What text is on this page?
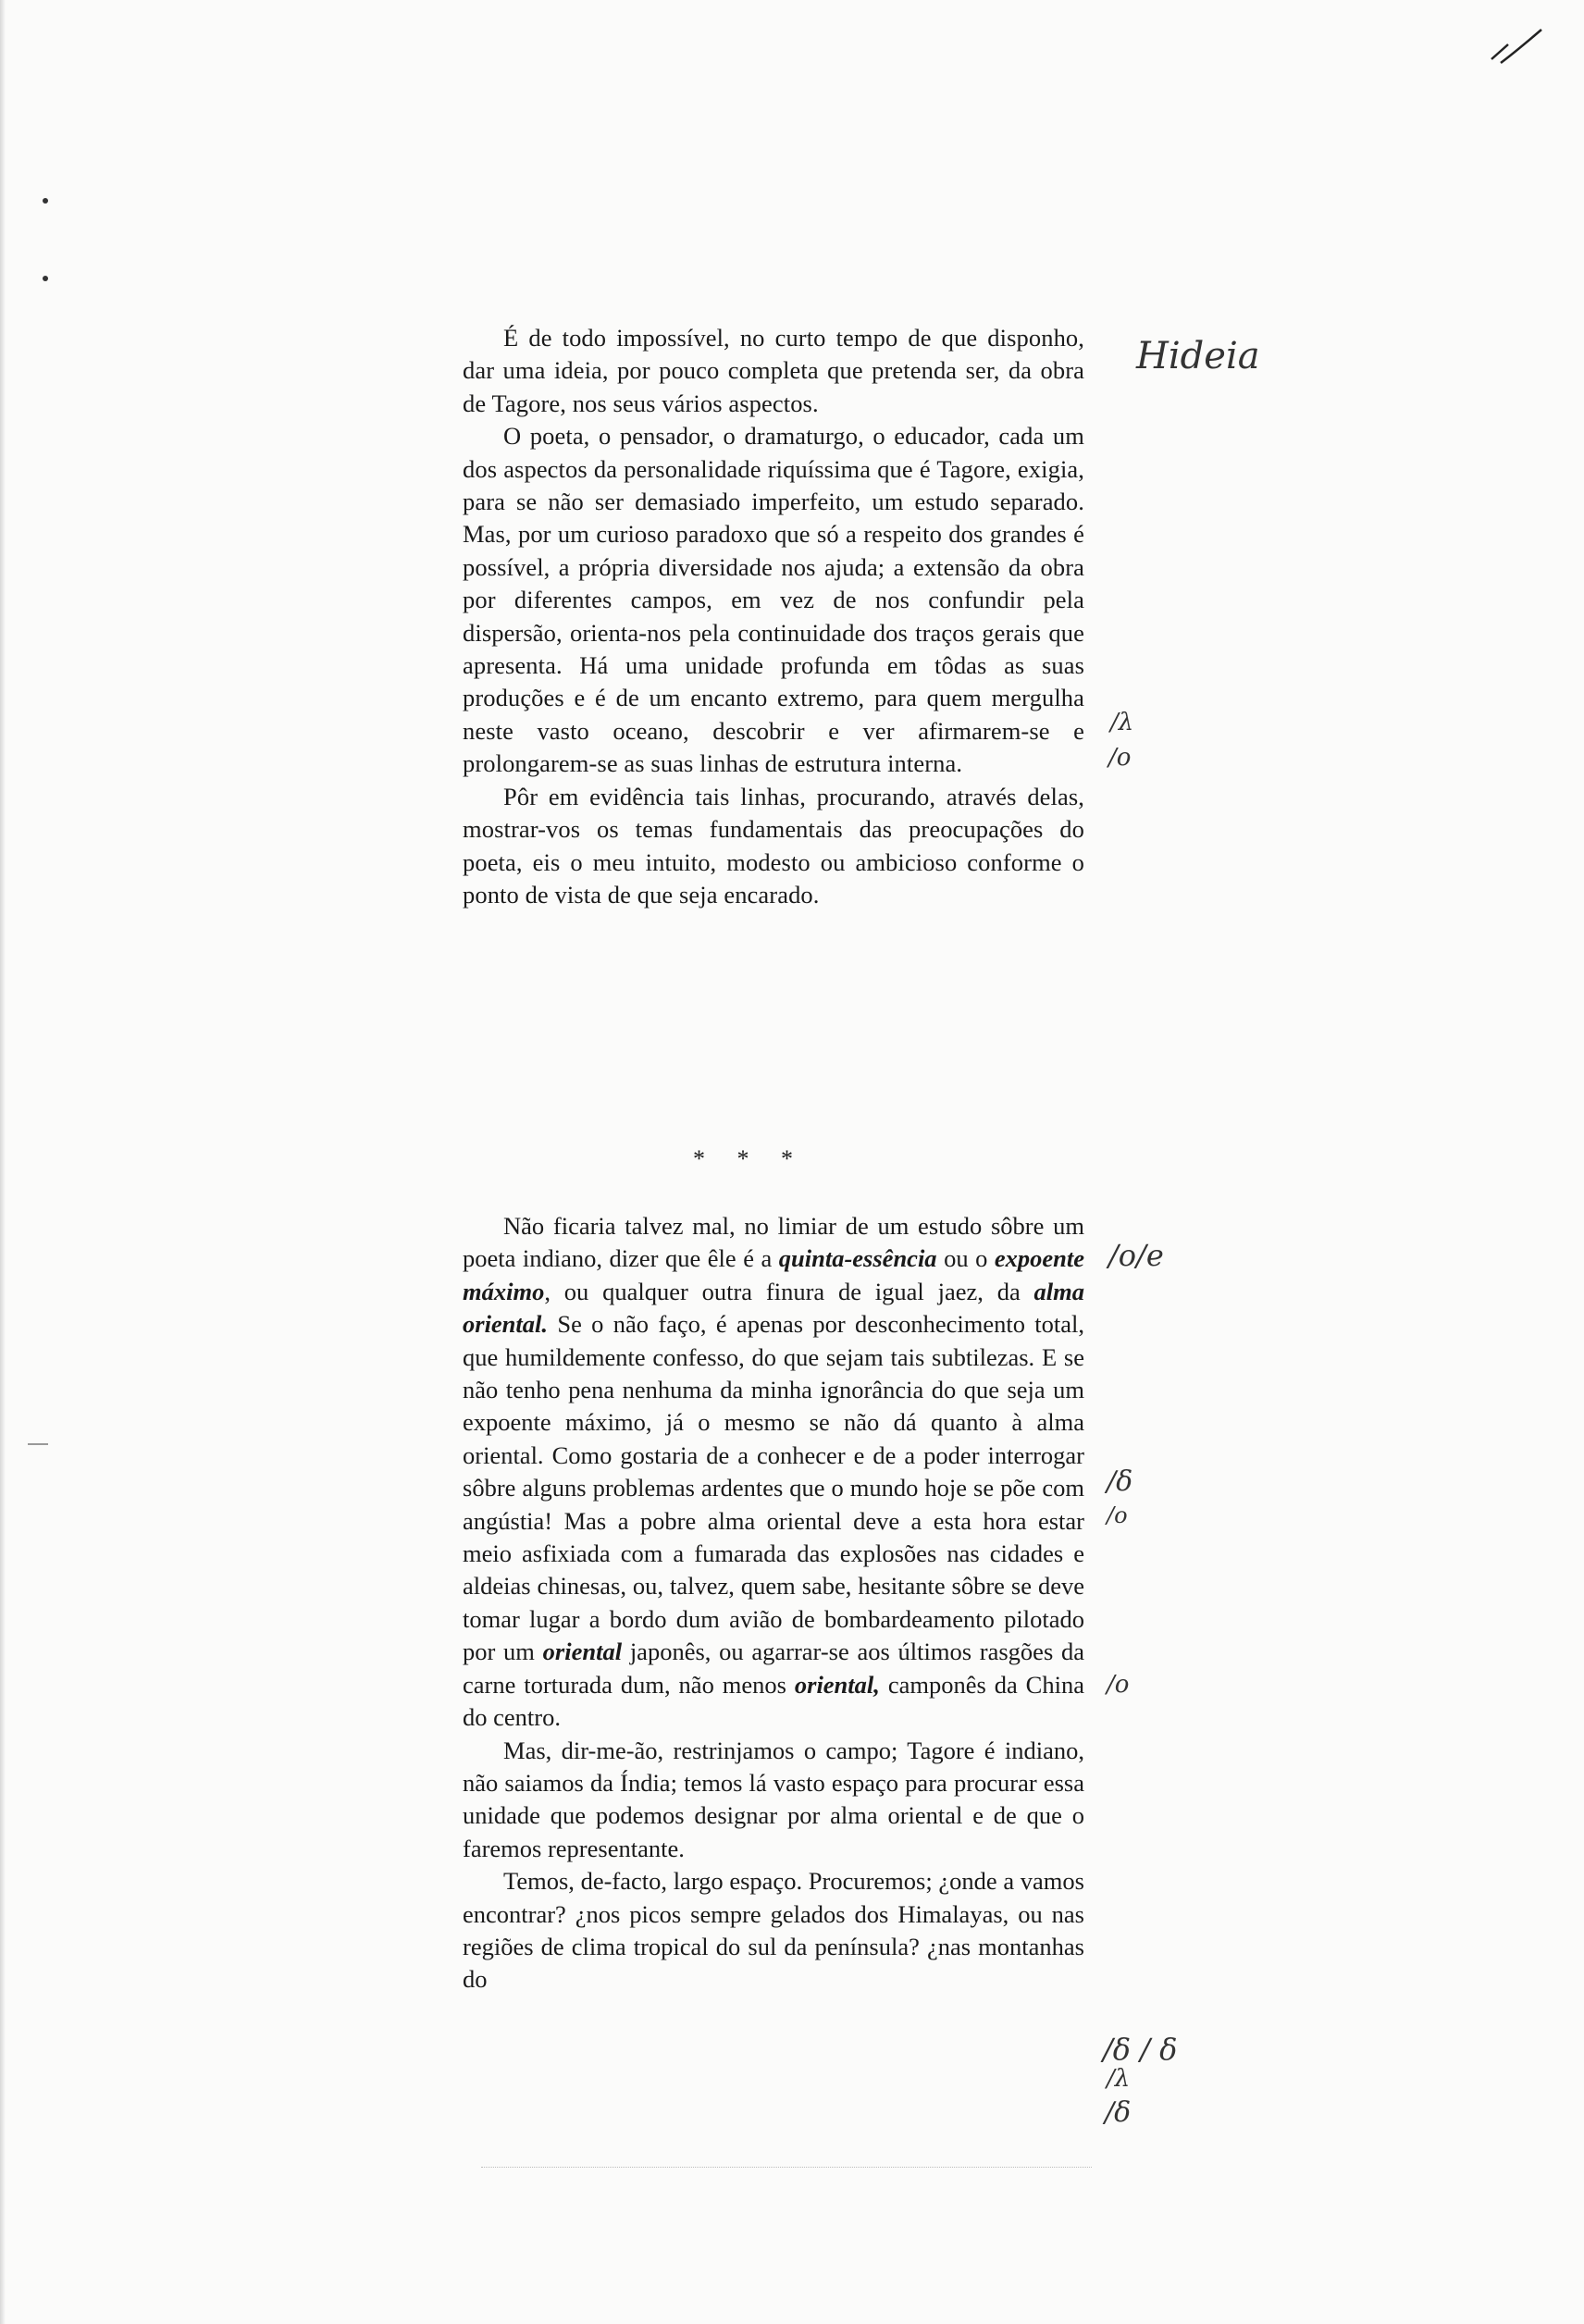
Hideia
/λ
/o
/o/e
/δ
/o
/o
/δ / δ
/λ
/δ

É de todo impossível, no curto tempo de que disponho, dar uma ideia, por pouco completa que pretenda ser, da obra de Tagore, nos seus vários aspectos.

O poeta, o pensador, o dramaturgo, o educador, cada um dos aspectos da personalidade riquíssima que é Tagore, exigia, para se não ser demasiado imperfeito, um estudo separado. Mas, por um curioso paradoxo que só a respeito dos grandes é possível, a própria diversidade nos ajuda; a extensão da obra por diferentes campos, em vez de nos confundir pela dispersão, orienta-nos pela continuidade dos traços gerais que apresenta. Há uma unidade profunda em tôdas as suas produções e é de um encanto extremo, para quem mergulha neste vasto oceano, descobrir e ver afirmarem-se e prolongarem-se as suas linhas de estrutura interna.

Pôr em evidência tais linhas, procurando, através delas, mostrar-vos os temas fundamentais das preocupações do poeta, eis o meu intuito, modesto ou ambicioso conforme o ponto de vista de que seja encarado.

* * *

Não ficaria talvez mal, no limiar de um estudo sôbre um poeta indiano, dizer que êle é a quinta-essência ou o expoente máximo, ou qualquer outra finura de igual jaez, da alma oriental. Se o não faço, é apenas por desconhecimento total, que humildemente confesso, do que sejam tais subtilezas. E se não tenho pena nenhuma da minha ignorância do que seja um expoente máximo, já o mesmo se não dá quanto à alma oriental. Como gostaria de a conhecer e de a poder interrogar sôbre alguns problemas ardentes que o mundo hoje se põe com angústia! Mas a pobre alma oriental deve a esta hora estar meio asfixiada com a fumarada das explosões nas cidades e aldeias chinesas, ou, talvez, quem sabe, hesitante sôbre se deve tomar lugar a bordo dum avião de bombardeamento pilotado por um oriental japonês, ou agarrar-se aos últimos rasgões da carne torturada dum, não menos oriental, camponês da China do centro.

Mas, dir-me-ão, restrinjamos o campo; Tagore é indiano, não saiamos da Índia; temos lá vasto espaço para procurar essa unidade que podemos designar por alma oriental e de que o faremos representante.

Temos, de-facto, largo espaço. Procuremos; ¿onde a vamos encontrar? ¿nos picos sempre gelados dos Himalayas, ou nas regiões de clima tropical do sul da península? ¿nas montanhas do
